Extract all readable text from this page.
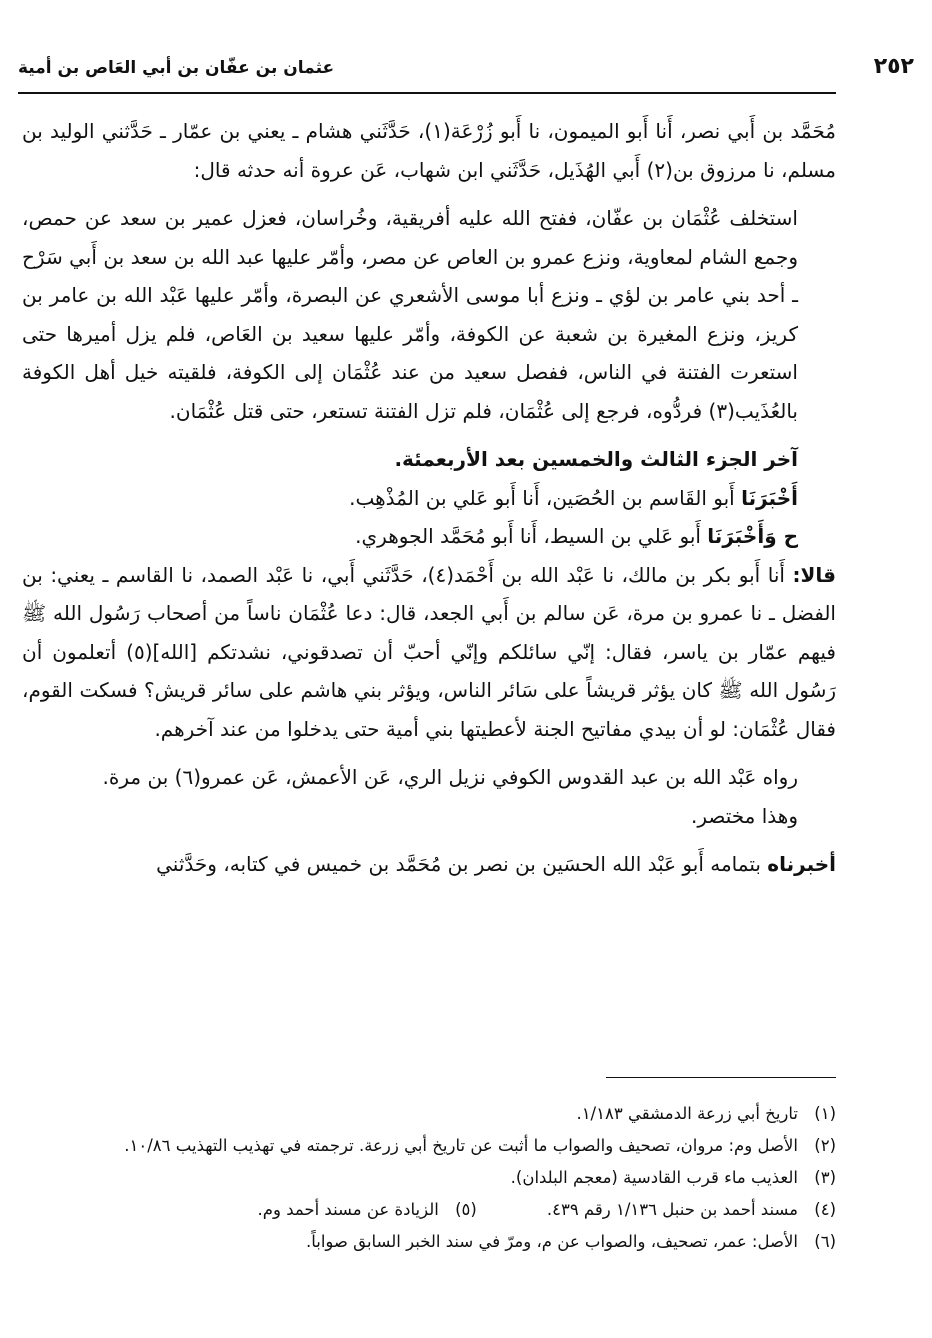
عثمان بن عفّان بن أبي العَاص بن أمية	٢٥٢

مُحَمَّد بن أَبي نصر، أَنا أَبو الميمون، نا أَبو زُرْعَة(١)، حَدَّثَني هشام ـ يعني بن عمّار ـ حَدَّثني الوليد بن مسلم، نا مرزوق بن(٢) أَبي الهُذَيل، حَدَّثَني ابن شهاب، عَن عروة أنه حدثه قال:

استخلف عُثْمَان بن عفّان، ففتح الله عليه أفريقية، وخُراسان، فعزل عمير بن سعد عن حمص، وجمع الشام لمعاوية، ونزع عمرو بن العاص عن مصر، وأمّر عليها عبد الله بن سعد بن أَبي سَرْح ـ أحد بني عامر بن لؤي ـ ونزع أبا موسى الأشعري عن البصرة، وأمّر عليها عَبْد الله بن عامر بن كريز، ونزع المغيرة بن شعبة عن الكوفة، وأمّر عليها سعيد بن العَاص، فلم يزل أميرها حتى استعرت الفتنة في الناس، ففصل سعيد من عند عُثْمَان إلى الكوفة، فلقيته خيل أهل الكوفة بالعُذَيب(٣) فردُّوه، فرجع إلى عُثْمَان، فلم تزل الفتنة تستعر، حتى قتل عُثْمَان.

آخر الجزء الثالث والخمسين بعد الأربعمئة.

أَخْبَرَنَا أَبو القَاسم بن الحُصَين، أَنا أَبو عَلي بن المُذْهِب.

ح وَأَخْبَرَنَا أَبو عَلي بن السيط، أَنا أَبو مُحَمَّد الجوهري.

قالا: أَنا أَبو بكر بن مالك، نا عَبْد الله بن أَحْمَد(٤)، حَدَّثَني أَبي، نا عَبْد الصمد، نا القاسم ـ يعني: بن الفضل ـ نا عمرو بن مرة، عَن سالم بن أَبي الجعد، قال: دعا عُثْمَان ناساً من أصحاب رَسُول الله ﷺ فيهم عمّار بن ياسر، فقال: إنّي سائلكم وإنّي أحبّ أن تصدقوني، نشدتكم [الله](٥) أتعلمون أن رَسُول الله ﷺ كان يؤثر قريشاً على سَائر الناس، ويؤثر بني هاشم على سائر قريش؟ فسكت القوم، فقال عُثْمَان: لو أن بيدي مفاتيح الجنة لأعطيتها بني أمية حتى يدخلوا من عند آخرهم.

رواه عَبْد الله بن عبد القدوس الكوفي نزيل الري، عَن الأعمش، عَن عمرو(٦) بن مرة.

وهذا مختصر.

أخبرناه بتمامه أَبو عَبْد الله الحسَين بن نصر بن مُحَمَّد بن خميس في كتابه، وحَدَّثني

(١)
تاريخ أبي زرعة الدمشقي ١/١٨٣.
(٢)
الأصل وم: مروان، تصحيف والصواب ما أثبت عن تاريخ أبي زرعة. ترجمته في تهذيب التهذيب ١٠/٨٦.
(٣)
العذيب ماء قرب القادسية (معجم البلدان).
(٤)
مسند أحمد بن حنبل ١/١٣٦ رقم ٤٣٩.
(٥)
الزيادة عن مسند أحمد وم.
(٦)
الأصل: عمر، تصحيف، والصواب عن م، ومرّ في سند الخبر السابق صواباً.
